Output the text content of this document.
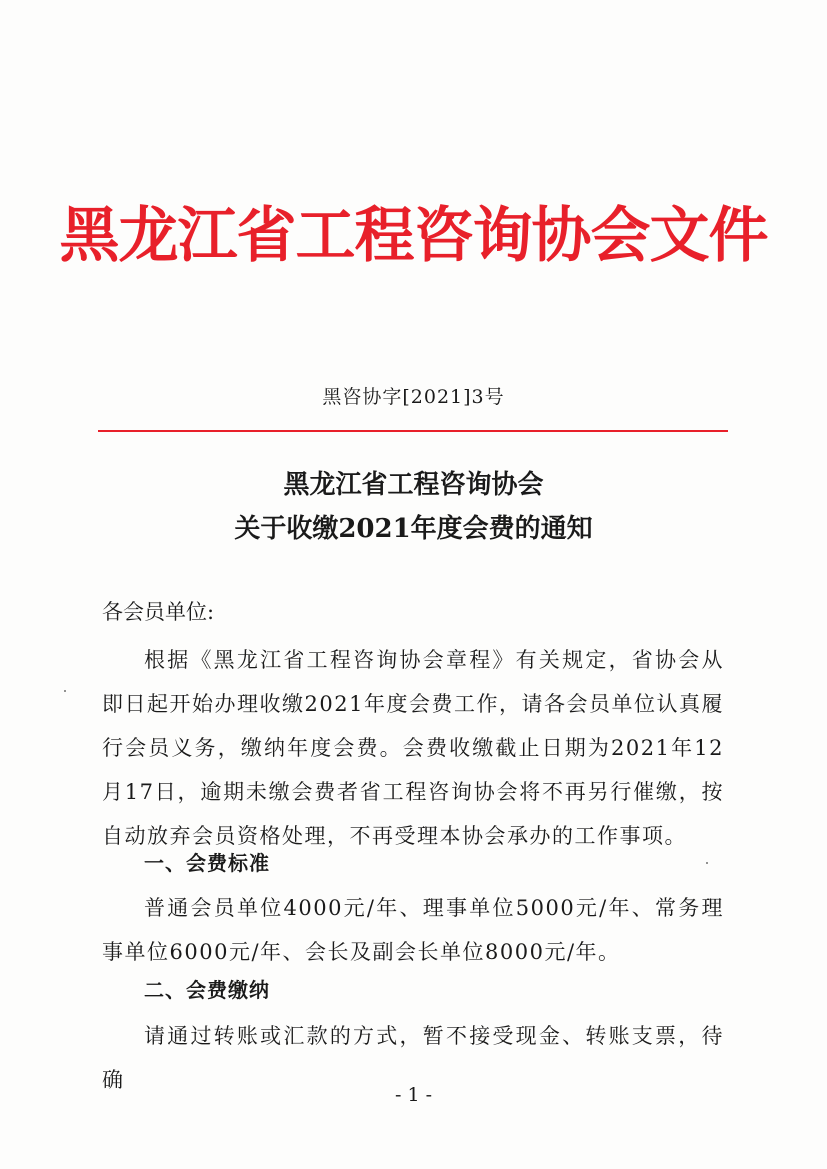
黑龙江省工程咨询协会文件
黑咨协字[2021]3号
黑龙江省工程咨询协会
关于收缴2021年度会费的通知
各会员单位:
根据《黑龙江省工程咨询协会章程》有关规定，省协会从即日起开始办理收缴2021年度会费工作，请各会员单位认真履行会员义务，缴纳年度会费。会费收缴截止日期为2021年12月17日，逾期未缴会费者省工程咨询协会将不再另行催缴，按自动放弃会员资格处理，不再受理本协会承办的工作事项。
一、会费标准
普通会员单位4000元/年、理事单位5000元/年、常务理事单位6000元/年、会长及副会长单位8000元/年。
二、会费缴纳
请通过转账或汇款的方式，暂不接受现金、转账支票，待确
- 1 -
